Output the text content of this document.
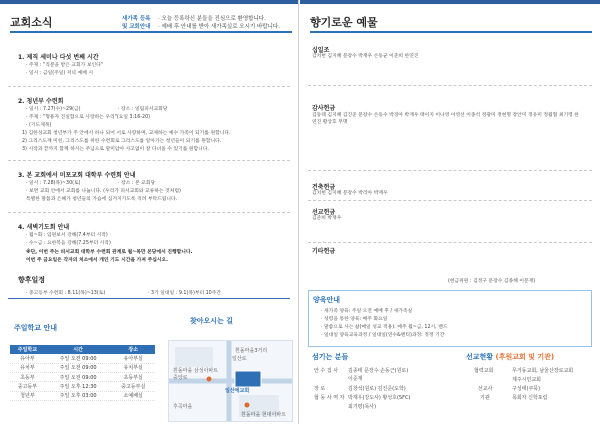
교회소식	새가족 등록 · 오늘 등록하신 분들을 진심으로 환영합니다.
및 교회안내 · 예배 후 안내를 받아 새가족실로 오시기 바랍니다.
1. 제직 세미나 다섯 번째 시간
· 주제 : "직분을 받은 교회가 보인다"
· 일시 : 금일(주일) 저녁 예배 시
2. 청년부 수련회
· 일시 : 7.27(수)~29(금)	· 장소 : 일림피서교회당
· 주제 : "형용자 진실함으로 사랑하는 우리"(요일 3:16-20)
· (기도제목)
1) 김한성교회 청년부가 주 안에서 하나 되어 서로 사랑하며, 교제하는 예수 가족이 되기를 원합니다.
2) 그리스도께 미친, 그리스도를 위한 수련회로 그리스도를 알아가는 청년들이 되기를 원합니다.
3) 시작과 끝까지 함께 하시는 주님으로 말미암아 사고없이 잘 다녀올 수 있기를 원합니다.
3. 본 교회에서 미포교회 대학부 수련회 안내
· 일시 : 7.28(목)~30(토)	· 장소 : 본 교회당
· 보면 교회 안에서 교회를 나눕니다. (우리가 피서교회와 교류하는 것처럼)
특별한 말씀과 은혜가 청년들의 가슴에 심겨지기도록 격려 부탁드립니다.
4. 새벽기도회 안내
· 월~화 : 임원보서 강해(7.4부터 시작)
· 수~금 : 요한복음 강해(7.25부터 시작)
※단, 이번 주는 피서교회 대학부 수련회 관계로 월~목만 본당에서 진행합니다.
이번 주 금요일은 각자의 처소에서 개인 기도 시간을 가져 주십시오.
향후일정
· 중고등부 수련회 : 8.11(목)~13(토)	· 3기 일대일 : 9.1(목)부터 10주간
주일학교 안내
주일학교	시간	장소
유아부	주일 오전 09:00	유아부실
유치부	주일 오전 09:00	유치부실
초등부	주일 오전 09:00	초등부실
중고등부	주일 오후 12:30	중고등부실
청년부	주일 오후 03:00	소예배실
찾아오시는 길
일산에교회
흰돌마을 삼성아파트
흰돌마을 현대아파트
후곡마을
흰돌마을3거리
중앙로
일산로
향기로운 예물
십일조
김치헌 김지혜 문장수 박재우 손동균 이준희 한연진
감사헌금
김동태 김지혜 김진준 문장수 손동수 박경아 박재우 태이지 이나영 이영선 이종석 정광미 정현명 장안미 정유미 정월협 최기령 한연진 황상호 무명
건축헌금
김치헌 김지혜 문장수 박리아 박재우
선교헌금
김준희 박재우
기타헌금
(헌금위원 : 김정구 문장수 김종혜 이문재)
양육안내
· 새가족 양육: 주일 오전 예배 후 / 새가족실
· 성령을 통한 양육: 매주 화요일
· 말씀으로 사는 삶(매일 성교 적용): 매주 월~금, 12시, 밴드
· 일대일 양육교육과정 / 일대일(연수&멘티)과정: 정정 기간
섬기는 분들
안 수 집 사 김종태 문장수 손동근(원로)
이준재
장 로	김창석(원로) 김진준(도학)
협 동 사 역 자 박재우(강도사) 황성호(SFC)
최기령(목사)
선교현황 (후원교회 및 기관)
협력교회	무거동교회, 남울산장로교회
제주시민교회
선교사	구성태(쿠묵)
기관	목회자 신학포럼
